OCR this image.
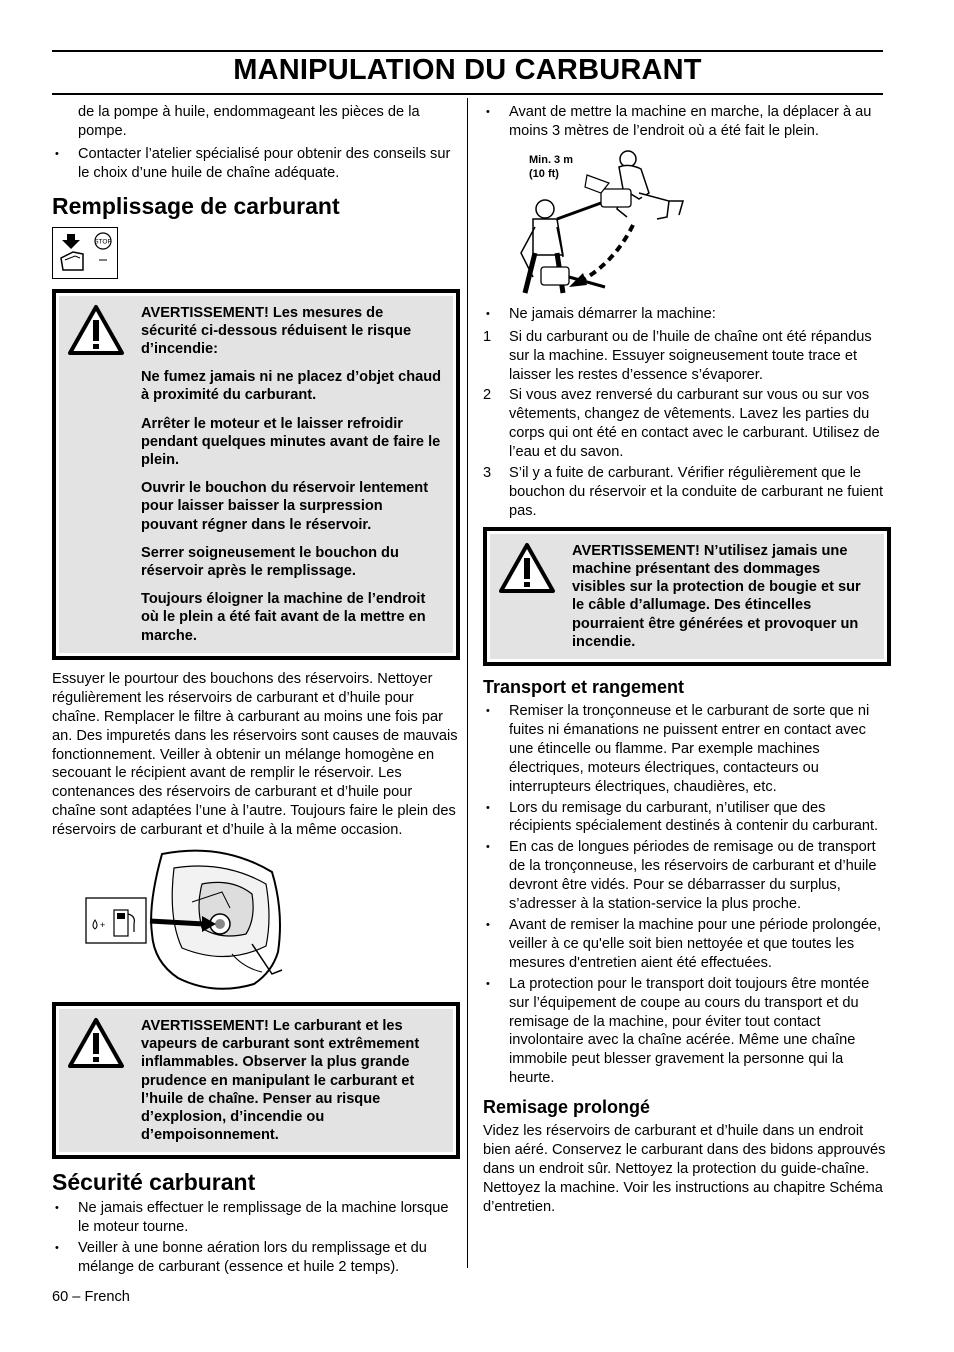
MANIPULATION DU CARBURANT

de la pompe à huile, endommageant les pièces de la pompe.

• Contacter l’atelier spécialisé pour obtenir des conseils sur le choix d’une huile de chaîne adéquate.
Remplissage de carburant
STOP

AVERTISSEMENT! Les mesures de sécurité ci-dessous réduisent le risque d’incendie:

Ne fumez jamais ni ne placez d’objet chaud à proximité du carburant.

Arrêter le moteur et le laisser refroidir pendant quelques minutes avant de faire le plein.

Ouvrir le bouchon du réservoir lentement pour laisser baisser la surpression pouvant régner dans le réservoir.

Serrer soigneusement le bouchon du réservoir après le remplissage.

Toujours éloigner la machine de l’endroit où le plein a été fait avant de la mettre en marche.

Essuyer le pourtour des bouchons des réservoirs. Nettoyer régulièrement les réservoirs de carburant et d’huile pour chaîne. Remplacer le filtre à carburant au moins une fois par an. Des impuretés dans les réservoirs sont causes de mauvais fonctionnement. Veiller à obtenir un mélange homogène en secouant le récipient avant de remplir le réservoir. Les contenances des réservoirs de carburant et d’huile pour chaîne sont adaptées l’une à l’autre. Toujours faire le plein des réservoirs de carburant et d’huile à la même occasion.

+

AVERTISSEMENT! Le carburant et les vapeurs de carburant sont extrêmement inflammables. Observer la plus grande prudence en manipulant le carburant et l’huile de chaîne. Penser au risque d’explosion, d’incendie ou d’empoisonnement.

Sécurité carburant
• Ne jamais effectuer le remplissage de la machine lorsque le moteur tourne.
• Veiller à une bonne aération lors du remplissage et du mélange de carburant (essence et huile 2 temps).
• Avant de mettre la machine en marche, la déplacer à au moins 3 mètres de l’endroit où a été fait le plein.
Min. 3 m
(10 ft)
• Ne jamais démarrer la machine:
1 Si du carburant ou de l’huile de chaîne ont été répandus sur la machine. Essuyer soigneusement toute trace et laisser les restes d’essence s’évaporer.
2 Si vous avez renversé du carburant sur vous ou sur vos vêtements, changez de vêtements. Lavez les parties du corps qui ont été en contact avec le carburant. Utilisez de l’eau et du savon.
3 S’il y a fuite de carburant. Vérifier régulièrement que le bouchon du réservoir et la conduite de carburant ne fuient pas.

AVERTISSEMENT! N’utilisez jamais une machine présentant des dommages visibles sur la protection de bougie et sur le câble d’allumage. Des étincelles pourraient être générées et provoquer un incendie.

Transport et rangement
• Remiser la tronçonneuse et le carburant de sorte que ni fuites ni émanations ne puissent entrer en contact avec une étincelle ou flamme. Par exemple machines électriques, moteurs électriques, contacteurs ou interrupteurs électriques, chaudières, etc.
• Lors du remisage du carburant, n’utiliser que des récipients spécialement destinés à contenir du carburant.
• En cas de longues périodes de remisage ou de transport de la tronçonneuse, les réservoirs de carburant et d’huile devront être vidés. Pour se débarrasser du surplus, s’adresser à la station-service la plus proche.
• Avant de remiser la machine pour une période prolongée, veiller à ce qu'elle soit bien nettoyée et que toutes les mesures d'entretien aient été effectuées.
• La protection pour le transport doit toujours être montée sur l’équipement de coupe au cours du transport et du remisage de la machine, pour éviter tout contact involontaire avec la chaîne acérée. Même une chaîne immobile peut blesser gravement la personne qui la heurte.
Remisage prolongé

Videz les réservoirs de carburant et d’huile dans un endroit bien aéré. Conservez le carburant dans des bidons approuvés dans un endroit sûr. Nettoyez la protection du guide-chaîne. Nettoyez la machine. Voir les instructions au chapitre Schéma d’entretien.

60 – French
